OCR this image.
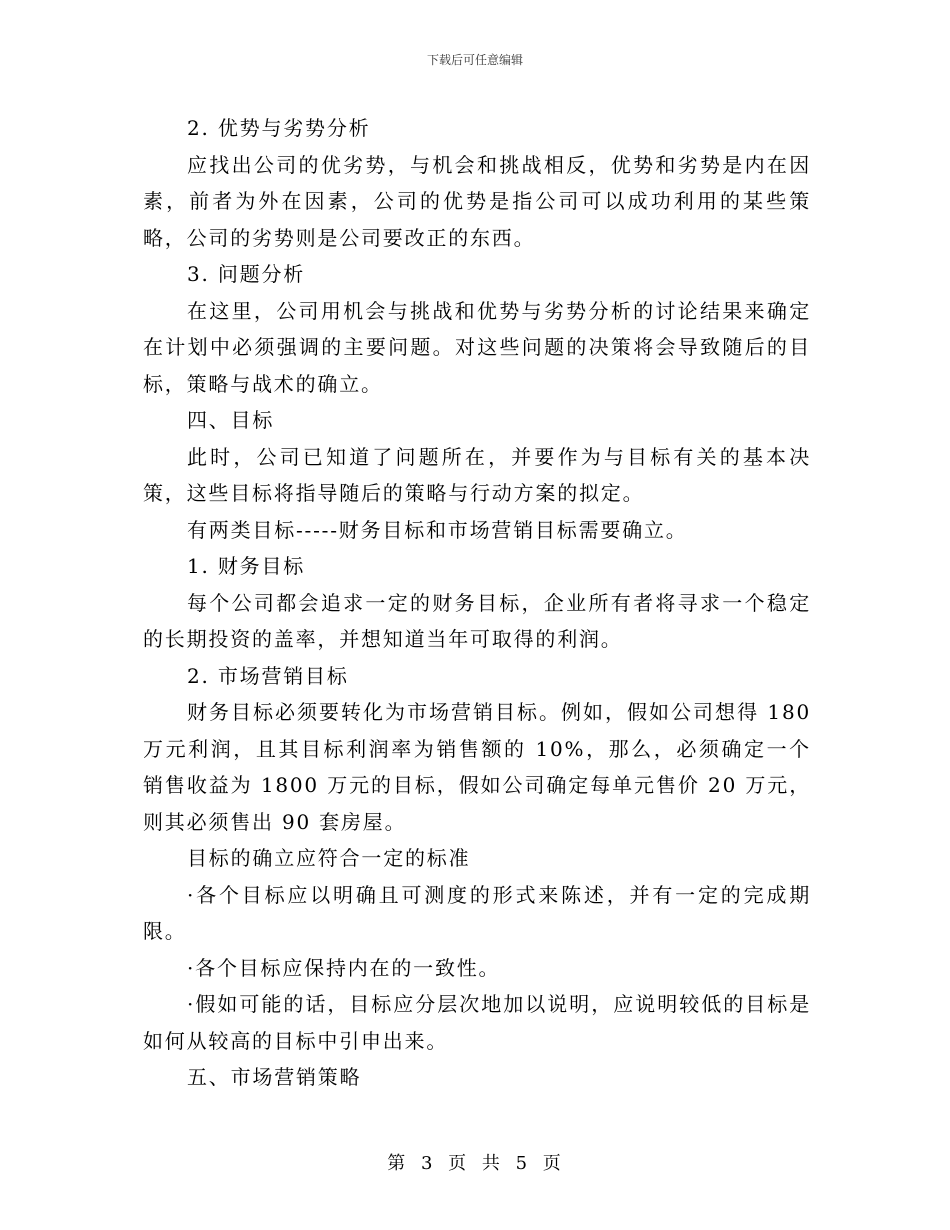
下载后可任意编辑

2. 优势与劣势分析

应找出公司的优劣势，与机会和挑战相反，优势和劣势是内在因素，前者为外在因素，公司的优势是指公司可以成功利用的某些策略，公司的劣势则是公司要改正的东西。

3. 问题分析

在这里，公司用机会与挑战和优势与劣势分析的讨论结果来确定在计划中必须强调的主要问题。对这些问题的决策将会导致随后的目标，策略与战术的确立。

四、目标

此时，公司已知道了问题所在，并要作为与目标有关的基本决策，这些目标将指导随后的策略与行动方案的拟定。

有两类目标-----财务目标和市场营销目标需要确立。

1. 财务目标

每个公司都会追求一定的财务目标，企业所有者将寻求一个稳定的长期投资的盖率，并想知道当年可取得的利润。

2. 市场营销目标

财务目标必须要转化为市场营销目标。例如，假如公司想得 180 万元利润，且其目标利润率为销售额的 10%，那么，必须确定一个销售收益为 1800 万元的目标，假如公司确定每单元售价 20 万元，则其必须售出 90 套房屋。

目标的确立应符合一定的标准

·各个目标应以明确且可测度的形式来陈述，并有一定的完成期限。

·各个目标应保持内在的一致性。

·假如可能的话，目标应分层次地加以说明，应说明较低的目标是如何从较高的目标中引申出来。

五、市场营销策略

第 3 页 共 5 页
